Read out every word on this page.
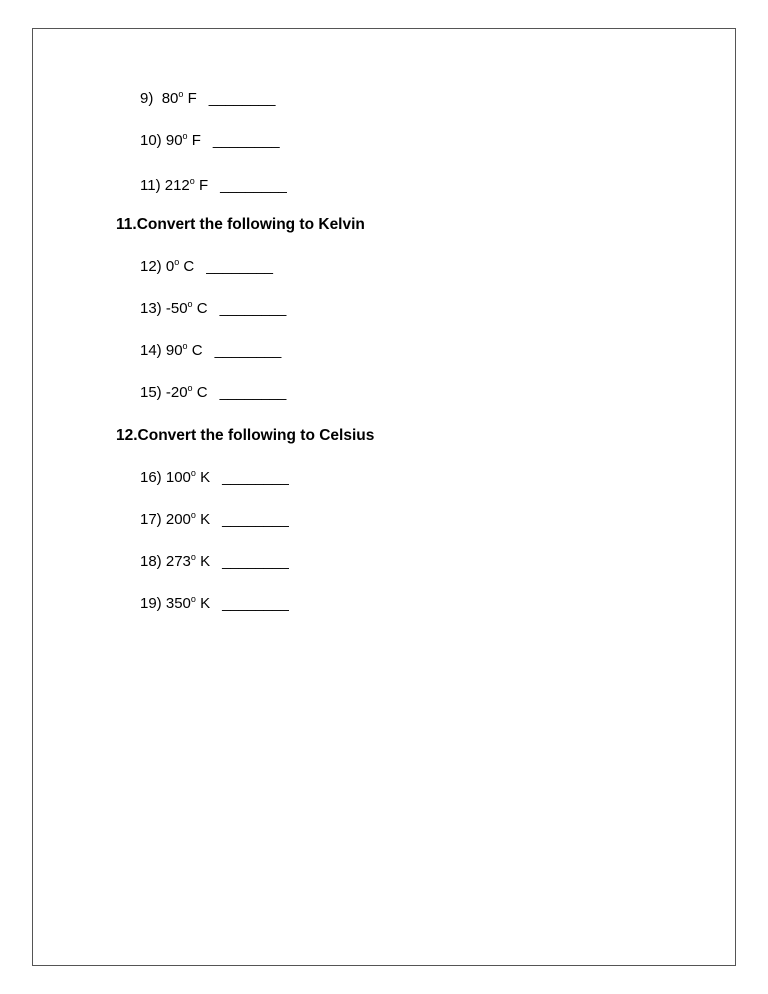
11.Convert the following to Kelvin
12.Convert the following to Celsius
9)  80$^o$ F ________
10) 90$^o$ F ________
11) 212$^o$ F ________
12) 0$^o$ C ________
13) -50$^o$ C ________
14) 90$^o$ C ________
15) -20$^o$ C ________
16) 100$^o$ K ________
17) 200$^o$ K ________
18) 273$^o$ K ________
19) 350$^o$ K ________
